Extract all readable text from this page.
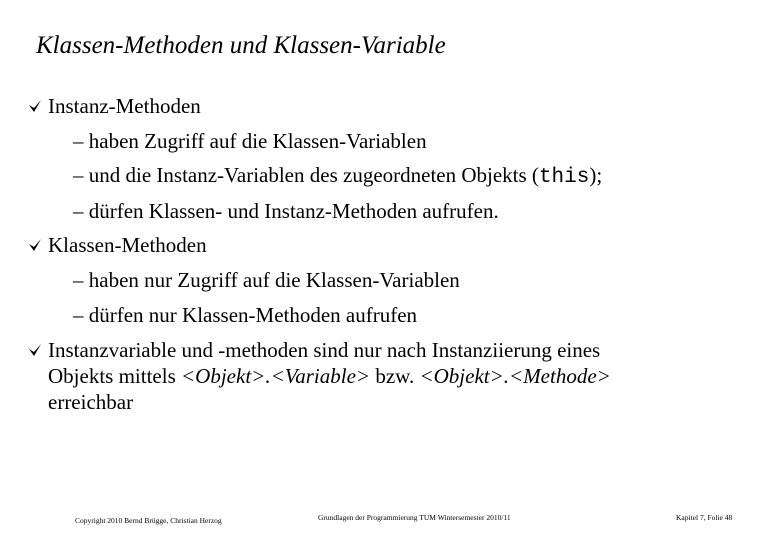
Klassen-Methoden und Klassen-Variable
Instanz-Methoden
– haben Zugriff auf die Klassen-Variablen
– und die Instanz-Variablen des zugeordneten Objekts (this);
– dürfen Klassen- und Instanz-Methoden aufrufen.
Klassen-Methoden
– haben nur Zugriff auf die Klassen-Variablen
– dürfen nur Klassen-Methoden aufrufen
Instanzvariable und -methoden sind nur nach Instanziierung eines
Objekts mittels <Objekt>.<Variable> bzw. <Objekt>.<Methode>
erreichbar
Copyright 2010 Bernd Brügge, Christian Herzog	Grundlagen der Programmierung TUM Wintersemester 2010/11	Kapitel 7, Folie 48
